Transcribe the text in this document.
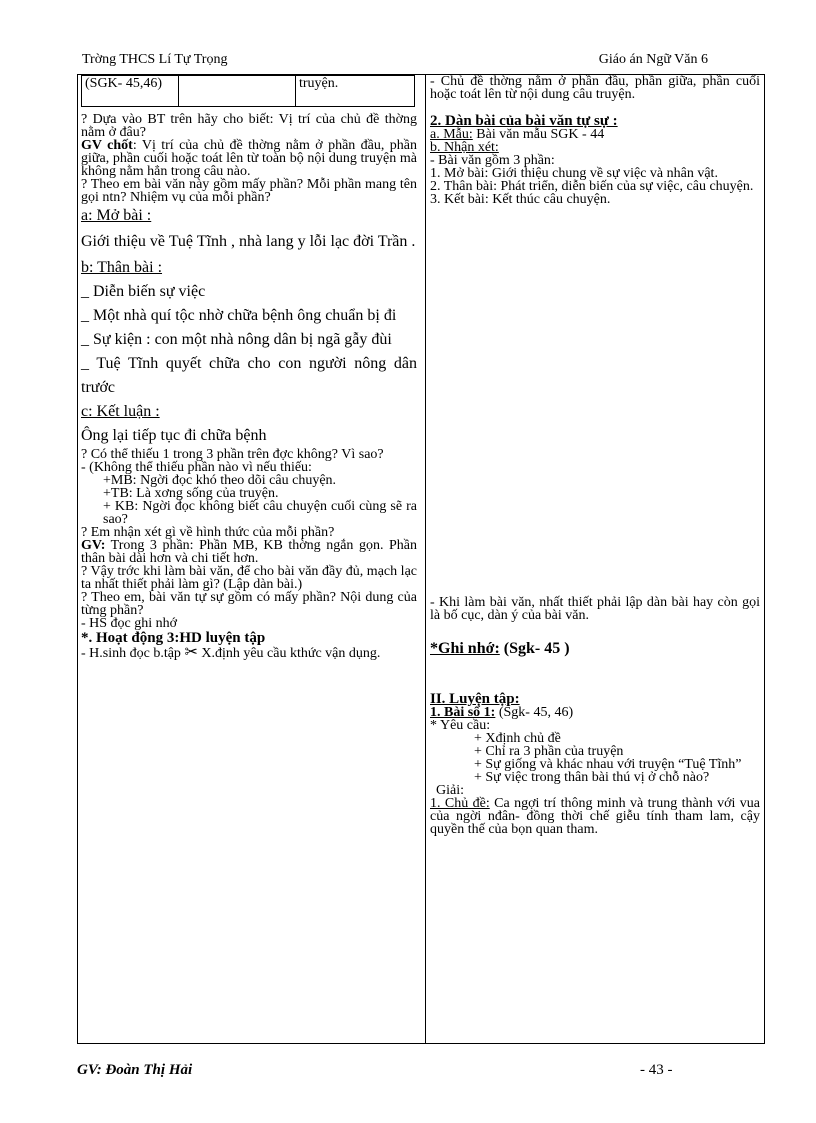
Trờng THCS Lí Tự Trọng	Giáo án Ngữ Văn 6
(SGK- 45,46)		truyện.

? Dựa vào BT trên hãy cho biết: Vị trí của chủ đề thờng nằm ở đâu?

GV chốt: Vị trí của chủ đề thờng nằm ở phần đầu, phần giữa, phần cuối hoặc toát lên từ toàn bộ nội dung truyện mà không nằm hẳn trong câu nào.

? Theo em bài văn này gồm mấy phần? Mỗi phần mang tên gọi ntn? Nhiệm vụ của mỗi phần?

a: Mở bài :

Giới thiệu về Tuệ Tĩnh , nhà lang y lỗi lạc đời Trần .

b: Thân bài :

_ Diễn biến sự việc

_ Một nhà quí tộc nhờ chữa bệnh ông chuẩn bị đi

_ Sự kiện : con một nhà nông dân bị ngã gẫy đùi

_ Tuệ Tĩnh quyết chữa cho con người nông dân trước

c: Kết luận :

Ông lại tiếp tục đi chữa bệnh

? Có thể thiếu 1 trong 3 phần trên đợc không? Vì sao?

- (Không thể thiếu phần nào vì nếu thiếu:

+MB: Ngời đọc khó theo dõi câu chuyện.

+TB: Là xơng sống của truyện.

+ KB: Ngời đọc không biết câu chuyện cuối cùng sẽ ra sao?

? Em nhận xét gì về hình thức của mỗi phần?

GV: Trong 3 phần: Phần MB, KB thờng ngắn gọn. Phần thân bài dài hơn và chi tiết hơn.

? Vậy trớc khi làm bài văn, để cho bài văn đầy đủ, mạch lạc ta nhất thiết phải làm gì? (Lập dàn bài.)

? Theo em, bài văn tự sự gồm có mấy phần? Nội dung của từng phần?

- HS đọc ghi nhớ

*. Hoạt động 3:HD luyện tập

- H.sinh đọc b.tập ✂ X.định yêu cầu kthức vận dụng.

- Chủ đề thờng nằm ở phần đầu, phần giữa, phần cuối hoặc toát lên từ nội dung câu truyện.

2. Dàn bài của bài văn tự sự :

a. Mẫu: Bài văn mẫu SGK - 44

b. Nhận xét:

- Bài văn gồm 3 phần:

1. Mở bài: Giới thiệu chung về sự việc và nhân vật.

2. Thân bài: Phát triển, diễn biến của sự việc, câu chuyện.

3. Kết bài: Kết thúc câu chuyện.

- Khi làm bài văn, nhất thiết phải lập dàn bài hay còn gọi là bố cục, dàn ý của bài văn.

*Ghi nhớ: (Sgk- 45 )

II. Luyện tập:

1. Bài số 1: (Sgk- 45, 46)

* Yêu cầu:

+ Xđịnh chủ đề

+ Chỉ ra 3 phần của truyện

+ Sự giống và khác nhau với truyện “Tuệ Tĩnh”

+ Sự việc trong thân bài thú vị ở chỗ nào?

Giải:

1. Chủ đề: Ca ngợi trí thông minh và trung thành với vua của ngời nđân- đồng thời chế giễu tính tham lam, cậy quyền thế của bọn quan tham.

GV: Đoàn Thị Hải	- 43 -
